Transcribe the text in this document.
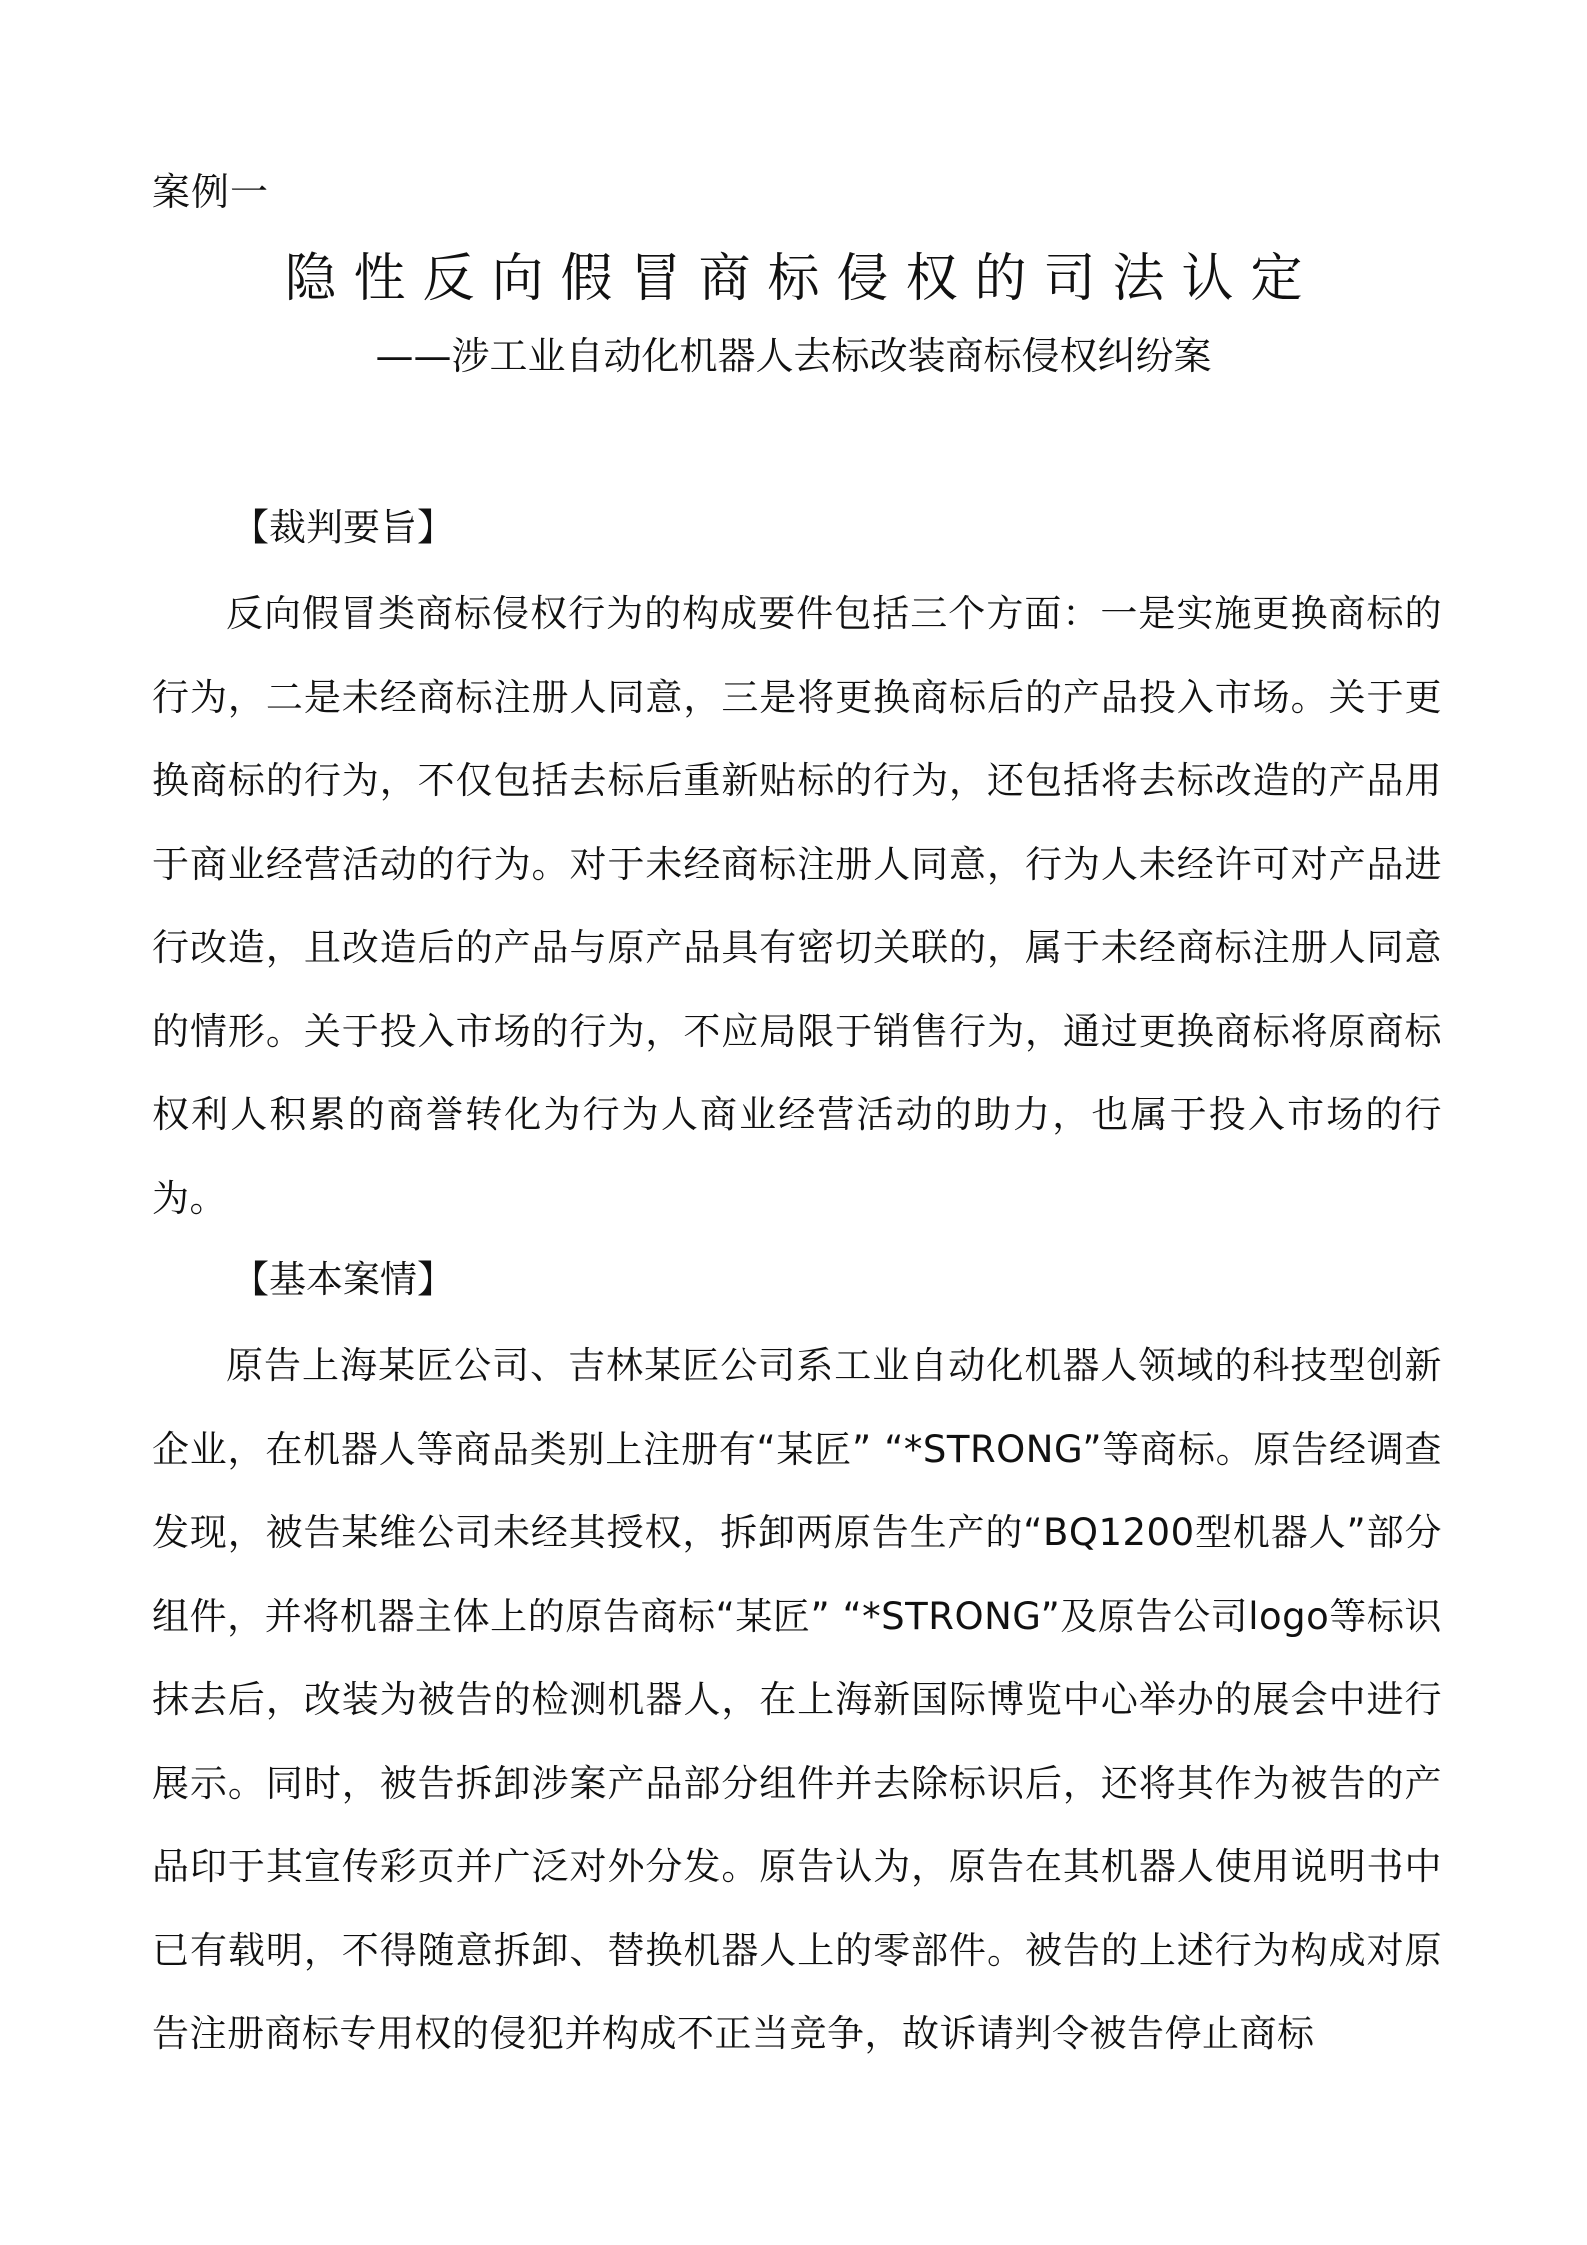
案例一
隐性反向假冒商标侵权的司法认定
——涉工业自动化机器人去标改装商标侵权纠纷案
【裁判要旨】

反向假冒类商标侵权行为的构成要件包括三个方面：一是实施更换商标的行为，二是未经商标注册人同意，三是将更换商标后的产品投入市场。关于更换商标的行为，不仅包括去标后重新贴标的行为，还包括将去标改造的产品用于商业经营活动的行为。对于未经商标注册人同意，行为人未经许可对产品进行改造，且改造后的产品与原产品具有密切关联的，属于未经商标注册人同意的情形。关于投入市场的行为，不应局限于销售行为，通过更换商标将原商标权利人积累的商誉转化为行为人商业经营活动的助力，也属于投入市场的行为。

【基本案情】

原告上海某匠公司、吉林某匠公司系工业自动化机器人领域的科技型创新企业，在机器人等商品类别上注册有“某匠” “*STRONG”等商标。原告经调查发现，被告某维公司未经其授权，拆卸两原告生产的“BQ1200型机器人”部分组件，并将机器主体上的原告商标“某匠” “*STRONG”及原告公司logo等标识抹去后，改装为被告的检测机器人，在上海新国际博览中心举办的展会中进行展示。同时，被告拆卸涉案产品部分组件并去除标识后，还将其作为被告的产品印于其宣传彩页并广泛对外分发。原告认为，原告在其机器人使用说明书中已有载明，不得随意拆卸、替换机器人上的零部件。被告的上述行为构成对原告注册商标专用权的侵犯并构成不正当竞争，故诉请判令被告停止商标
